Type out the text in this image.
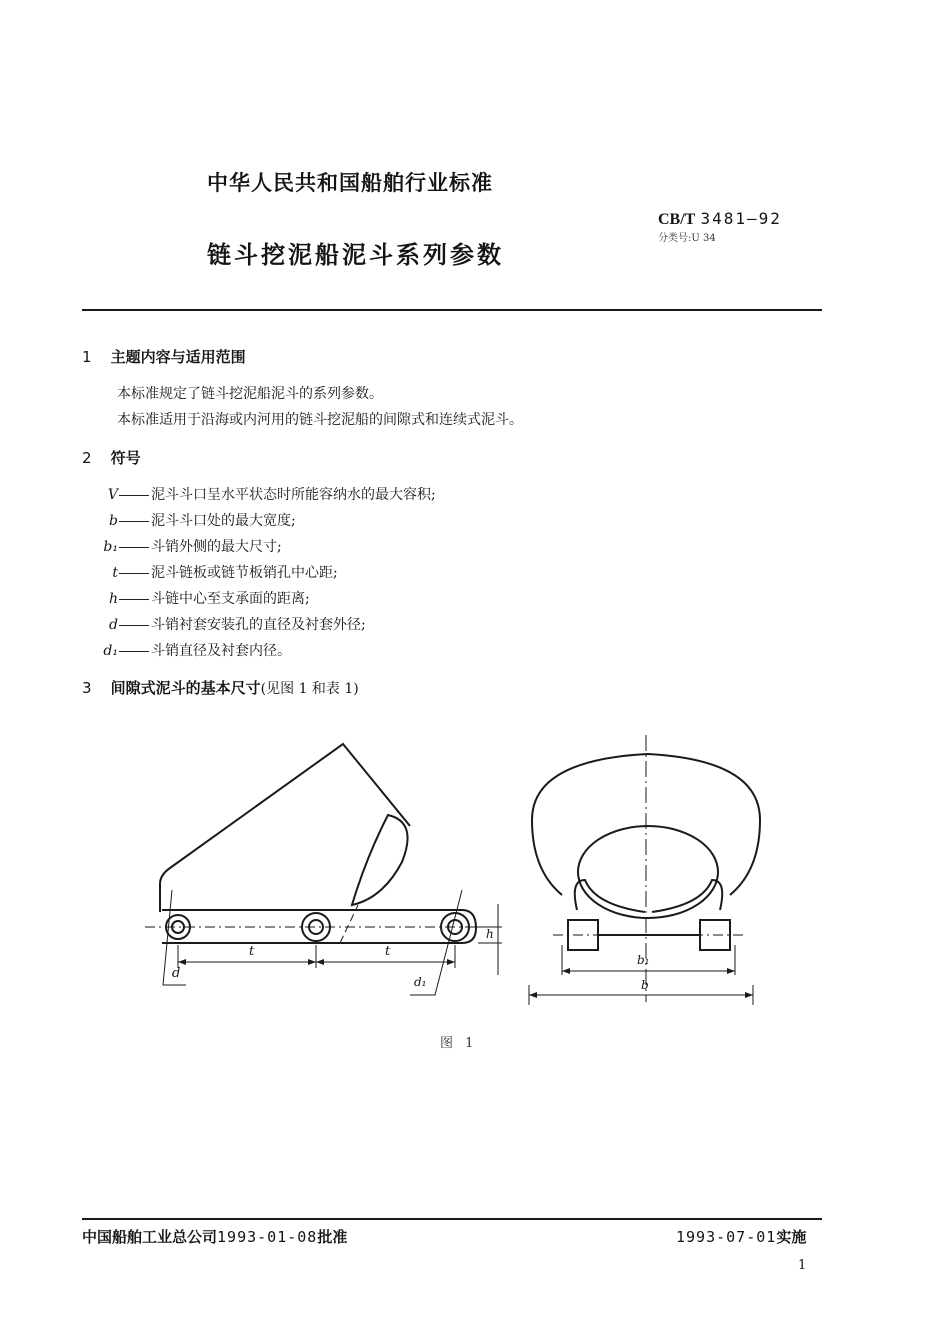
中华人民共和国船舶行业标准
链斗挖泥船泥斗系列参数
CB/T 3481—92
分类号:U 34
1 主题内容与适用范围
本标准规定了链斗挖泥船泥斗的系列参数。
本标准适用于沿海或内河用的链斗挖泥船的间隙式和连续式泥斗。
2 符号
V 泥斗斗口呈水平状态时所能容纳水的最大容积;
b 泥斗斗口处的最大宽度;
b₁ 斗销外侧的最大尺寸;
t 泥斗链板或链节板销孔中心距;
h 斗链中心至支承面的距离;
d 斗销衬套安装孔的直径及衬套外径;
d₁ 斗销直径及衬套内径。
3 间隙式泥斗的基本尺寸(见图 1 和表 1)
t	t
d
d₁
h
b₁
b
图 1
中国船舶工业总公司1993-01-08批准	1993-07-01实施
1
